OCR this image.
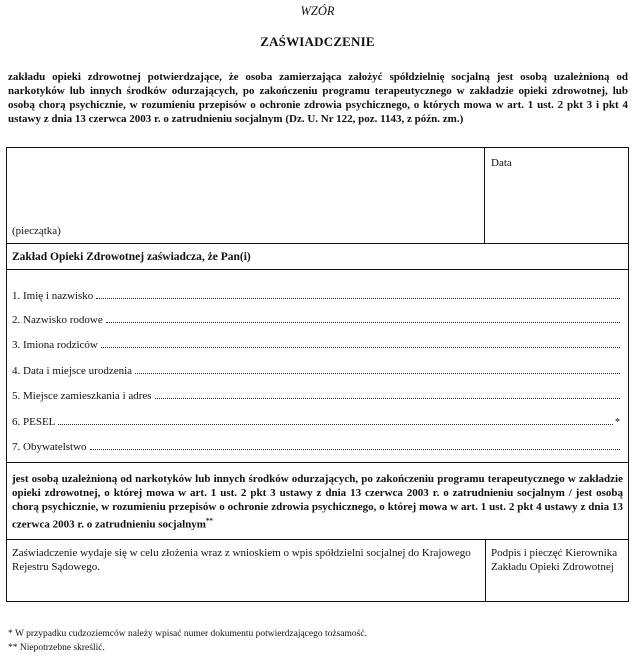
WZÓR
ZAŚWIADCZENIE
zakładu opieki zdrowotnej potwierdzające, że osoba zamierzająca założyć spółdzielnię socjalną jest osobą uzależnioną od narkotyków lub innych środków odurzających, po zakończeniu programu terapeutycznego w zakładzie opieki zdrowotnej, lub osobą chorą psychicznie, w rozumieniu przepisów o ochronie zdrowia psychicznego, o których mowa w art. 1 ust. 2 pkt 3 i pkt 4 ustawy z dnia 13 czerwca 2003 r. o zatrudnieniu socjalnym (Dz. U. Nr 122, poz. 1143, z późn. zm.)
(pieczątka)
Data
Zakład Opieki Zdrowotnej zaświadcza, że Pan(i)
1. Imię i nazwisko
2. Nazwisko rodowe
3. Imiona rodziców
4. Data i miejsce urodzenia
5. Miejsce zamieszkania i adres
6. PESEL	*
7. Obywatelstwo
jest osobą uzależnioną od narkotyków lub innych środków odurzających, po zakończeniu programu terapeutycznego w zakładzie opieki zdrowotnej, o której mowa w art. 1 ust. 2 pkt 3 ustawy z dnia 13 czerwca 2003 r. o zatrudnieniu socjalnym / jest osobą chorą psychicznie, w rozumieniu przepisów o ochronie zdrowia psychicznego, o której mowa w art. 1 ust. 2 pkt 4 ustawy z dnia 13 czerwca 2003 r. o zatrudnieniu socjalnym**
Zaświadczenie wydaje się w celu złożenia wraz z wnioskiem o wpis spółdzielni socjalnej do Krajowego Rejestru Sądowego.
Podpis i pieczęć Kierownika Zakładu Opieki Zdrowotnej
* W przypadku cudzoziemców należy wpisać numer dokumentu potwierdzającego tożsamość.
** Niepotrzebne skreślić.
